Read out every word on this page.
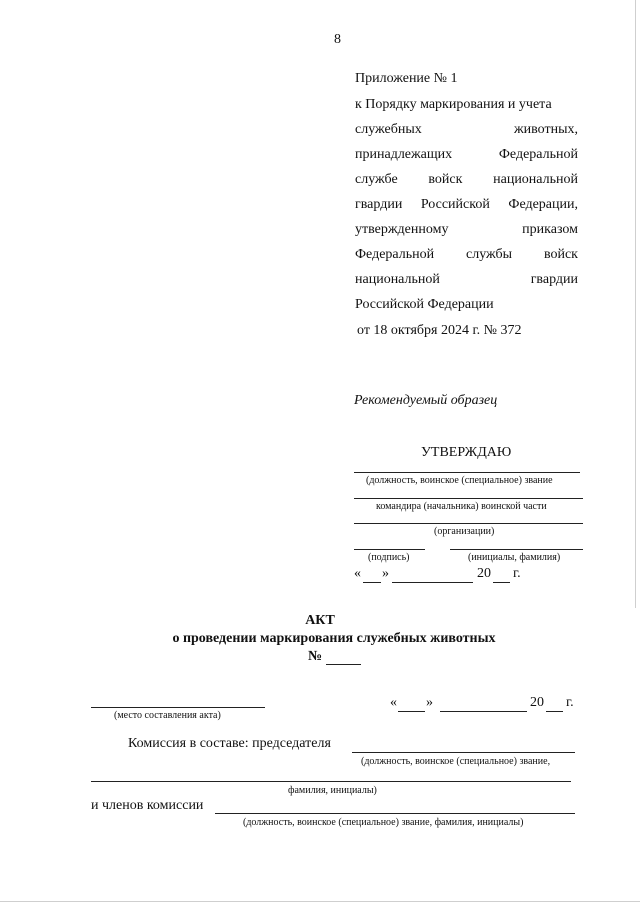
8
Приложение № 1
к Порядку маркирования и учета
служебных животных,
принадлежащих Федеральной
службе войск национальной
гвардии Российской Федерации,
утвержденному приказом
Федеральной службы войск
национальной гвардии
Российской Федерации
от 18 октября 2024 г. № 372
Рекомендуемый образец
УТВЕРЖДАЮ
(должность, воинское (специальное) звание
командира (начальника) воинской части
(организации)
(подпись)	(инициалы, фамилия)
« »	20 г.
АКТ
о проведении маркирования служебных животных
№
(место составления акта)
« »	20 г.
Комиссия в составе: председателя
(должность, воинское (специальное) звание,
фамилия, инициалы)
и членов комиссии
(должность, воинское (специальное) звание, фамилия, инициалы)
